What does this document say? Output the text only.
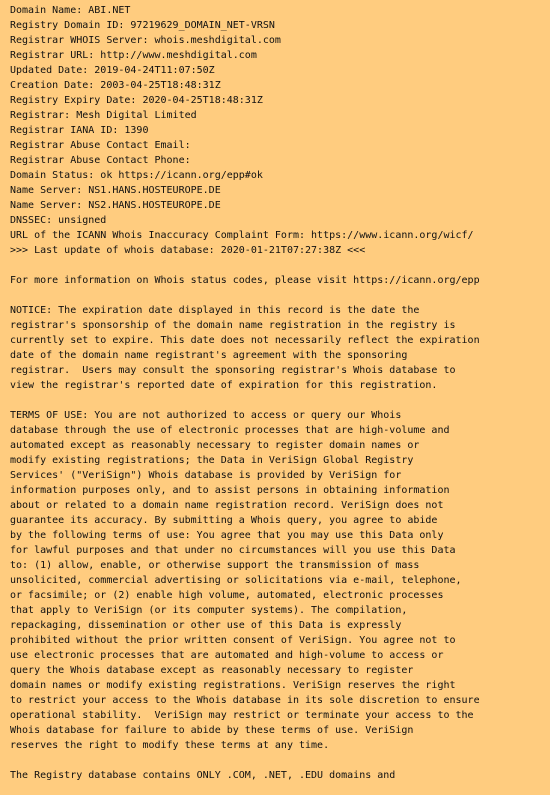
Domain Name: ABI.NET
Registry Domain ID: 97219629_DOMAIN_NET-VRSN
Registrar WHOIS Server: whois.meshdigital.com
Registrar URL: http://www.meshdigital.com
Updated Date: 2019-04-24T11:07:50Z
Creation Date: 2003-04-25T18:48:31Z
Registry Expiry Date: 2020-04-25T18:48:31Z
Registrar: Mesh Digital Limited
Registrar IANA ID: 1390
Registrar Abuse Contact Email:
Registrar Abuse Contact Phone:
Domain Status: ok https://icann.org/epp#ok
Name Server: NS1.HANS.HOSTEUROPE.DE
Name Server: NS2.HANS.HOSTEUROPE.DE
DNSSEC: unsigned
URL of the ICANN Whois Inaccuracy Complaint Form: https://www.icann.org/wicf/
>>> Last update of whois database: 2020-01-21T07:27:38Z <<<
For more information on Whois status codes, please visit https://icann.org/epp
NOTICE: The expiration date displayed in this record is the date the
registrar's sponsorship of the domain name registration in the registry is
currently set to expire. This date does not necessarily reflect the expiration
date of the domain name registrant's agreement with the sponsoring
registrar.  Users may consult the sponsoring registrar's Whois database to
view the registrar's reported date of expiration for this registration.
TERMS OF USE: You are not authorized to access or query our Whois
database through the use of electronic processes that are high-volume and
automated except as reasonably necessary to register domain names or
modify existing registrations; the Data in VeriSign Global Registry
Services' ("VeriSign") Whois database is provided by VeriSign for
information purposes only, and to assist persons in obtaining information
about or related to a domain name registration record. VeriSign does not
guarantee its accuracy. By submitting a Whois query, you agree to abide
by the following terms of use: You agree that you may use this Data only
for lawful purposes and that under no circumstances will you use this Data
to: (1) allow, enable, or otherwise support the transmission of mass
unsolicited, commercial advertising or solicitations via e-mail, telephone,
or facsimile; or (2) enable high volume, automated, electronic processes
that apply to VeriSign (or its computer systems). The compilation,
repackaging, dissemination or other use of this Data is expressly
prohibited without the prior written consent of VeriSign. You agree not to
use electronic processes that are automated and high-volume to access or
query the Whois database except as reasonably necessary to register
domain names or modify existing registrations. VeriSign reserves the right
to restrict your access to the Whois database in its sole discretion to ensure
operational stability.  VeriSign may restrict or terminate your access to the
Whois database for failure to abide by these terms of use. VeriSign
reserves the right to modify these terms at any time.
The Registry database contains ONLY .COM, .NET, .EDU domains and
